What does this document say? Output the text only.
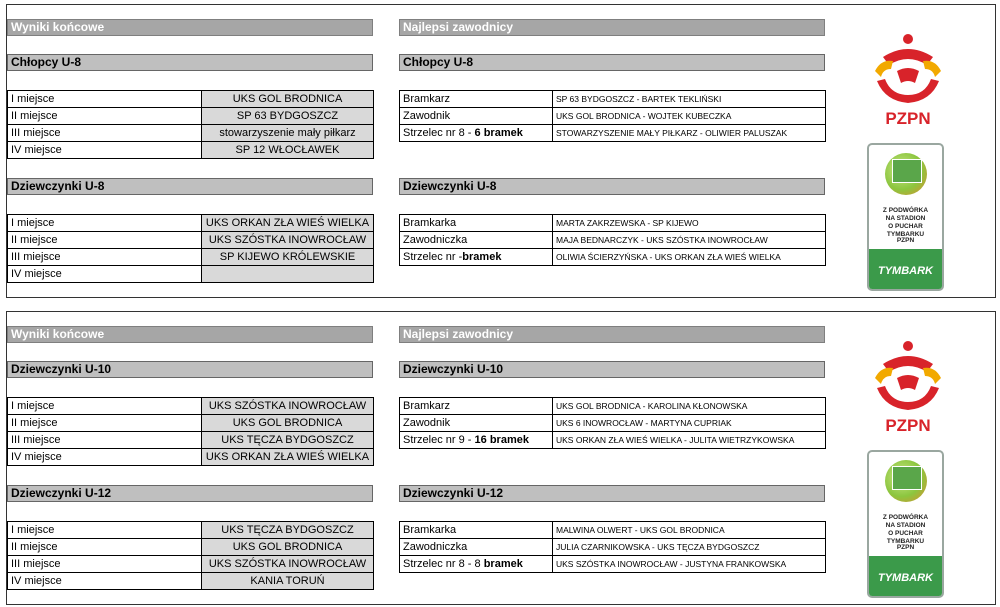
Wyniki końcowe	Najlepsi zawodnicy
Chłopcy U-8	Chłopcy U-8
I miejsce	UKS GOL BRODNICA
II miejsce	SP 63 BYDGOSZCZ
III miejsce	stowarzyszenie mały piłkarz
IV miejsce	SP 12 WŁOCŁAWEK
Bramkarz	SP 63 BYDGOSZCZ - BARTEK TEKLIŃSKI
Zawodnik	UKS GOL BRODNICA - WOJTEK KUBECZKA
Strzelec nr 8 - 6 bramek	STOWARZYSZENIE MAŁY PIŁKARZ - OLIWIER PALUSZAK
Dziewczynki U-8	Dziewczynki U-8
I miejsce	UKS ORKAN ZŁA WIEŚ WIELKA
II miejsce	UKS SZÓSTKA INOWROCŁAW
III miejsce	SP KIJEWO KRÓLEWSKIE
IV miejsce	
Bramkarka	MARTA ZAKRZEWSKA - SP KIJEWO
Zawodniczka	MAJA BEDNARCZYK - UKS SZÓSTKA INOWROCŁAW
Strzelec nr -bramek	OLIWIA ŚCIERZYŃSKA - UKS ORKAN ZŁA WIEŚ WIELKA
PZPN
Z PODWÓRKA
NA STADION
O PUCHAR TYMBARKU
PZPN
TYMBARK
Wyniki końcowe	Najlepsi zawodnicy
Dziewczynki U-10	Dziewczynki U-10
I miejsce	UKS SZÓSTKA INOWROCŁAW
II miejsce	UKS GOL BRODNICA
III miejsce	UKS TĘCZA BYDGOSZCZ
IV miejsce	UKS ORKAN ZŁA WIEŚ WIELKA
Bramkarz	UKS GOL BRODNICA - KAROLINA KŁONOWSKA
Zawodnik	UKS 6 INOWROCŁAW - MARTYNA CUPRIAK
Strzelec nr 9 - 16 bramek	UKS ORKAN ZŁA WIEŚ WIELKA - JULITA WIETRZYKOWSKA
Dziewczynki U-12	Dziewczynki U-12
I miejsce	UKS TĘCZA BYDGOSZCZ
II miejsce	UKS GOL BRODNICA
III miejsce	UKS SZÓSTKA INOWROCŁAW
IV miejsce	KANIA TORUŃ
Bramkarka	MALWINA OLWERT - UKS GOL BRODNICA
Zawodniczka	JULIA CZARNIKOWSKA - UKS TĘCZA BYDGOSZCZ
Strzelec nr 8 - 8 bramek	UKS SZÓSTKA INOWROCŁAW - JUSTYNA FRANKOWSKA
PZPN
Z PODWÓRKA
NA STADION
O PUCHAR TYMBARKU
PZPN
TYMBARK
